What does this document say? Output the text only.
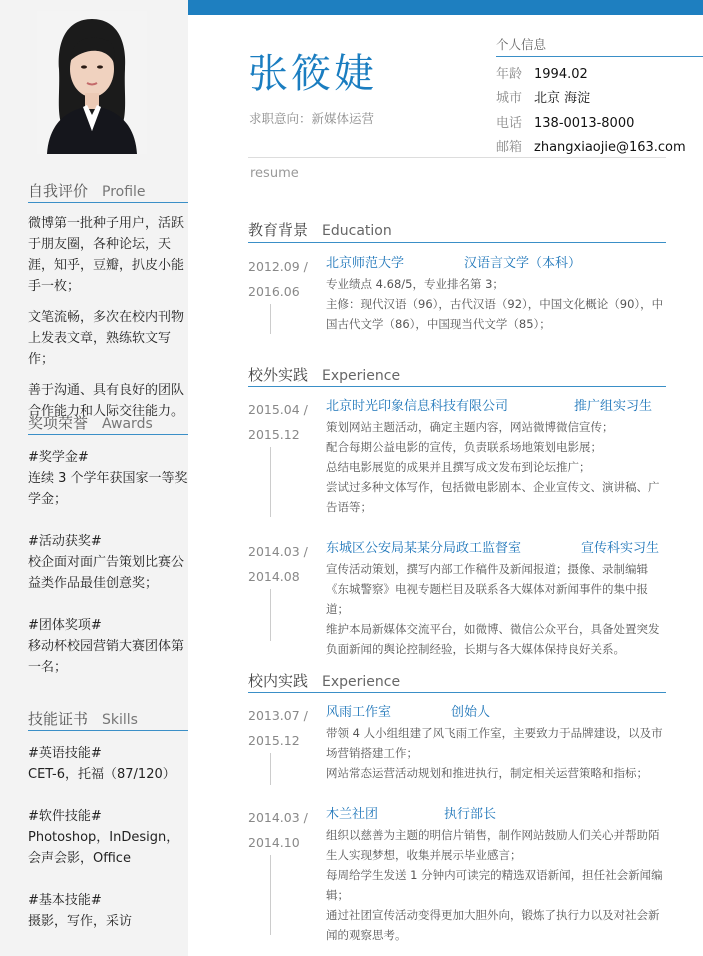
自我评价 Profile
微博第一批种子用户，活跃于朋友圈，各种论坛，天涯，知乎，豆瓣，扒皮小能手一枚；
文笔流畅，多次在校内刊物上发表文章，熟练软文写作；
善于沟通、具有良好的团队合作能力和人际交往能力。
奖项荣誉 Awards
#奖学金#
连续 3 个学年获国家一等奖学金；
#活动获奖#
校企面对面广告策划比赛公益类作品最佳创意奖；
#团体奖项#
移动杯校园营销大赛团体第一名；
技能证书 Skills
#英语技能#
CET-6，托福（87/120）
#软件技能#
Photoshop，InDesign，会声会影，Office
#基本技能#
摄影，写作，采访
张筱婕
求职意向：新媒体运营
resume
个人信息
年龄 1994.02
城市 北京 海淀
电话 138-0013-8000
邮箱 zhangxiaojie@163.com
教育背景 Education
2012.09 /
2016.06
北京师范大学	汉语言文学（本科）
专业绩点 4.68/5，专业排名第 3；
主修：现代汉语（96），古代汉语（92），中国文化概论（90），中国古代文学（86），中国现当代文学（85）；
校外实践 Experience
2015.04 /
2015.12
北京时光印象信息科技有限公司	推广组实习生
策划网站主题活动，确定主题内容，网站微博微信宣传；
配合每期公益电影的宣传，负责联系场地策划电影展；
总结电影展览的成果并且撰写成文发布到论坛推广；
尝试过多种文体写作，包括微电影剧本、企业宣传文、演讲稿、广告语等；
2014.03 /
2014.08
东城区公安局某某分局政工监督室	宣传科实习生
宣传活动策划，撰写内部工作稿件及新闻报道；摄像、录制编辑《东城警察》电视专题栏目及联系各大媒体对新闻事件的集中报道；
维护本局新媒体交流平台，如微博、微信公众平台，具备处置突发负面新闻的舆论控制经验，长期与各大媒体保持良好关系。
校内实践 Experience
2013.07 /
2015.12
风雨工作室	创始人
带领 4 人小组组建了风飞雨工作室，主要致力于品牌建设，以及市场营销搭建工作；
网站常态运营活动规划和推进执行，制定相关运营策略和指标；
2014.03 /
2014.10
木兰社团	执行部长
组织以慈善为主题的明信片销售，制作网站鼓励人们关心并帮助陌生人实现梦想，收集并展示毕业感言；
每周给学生发送 1 分钟内可读完的精选双语新闻，担任社会新闻编辑；
通过社团宣传活动变得更加大胆外向，锻炼了执行力以及对社会新闻的观察思考。
